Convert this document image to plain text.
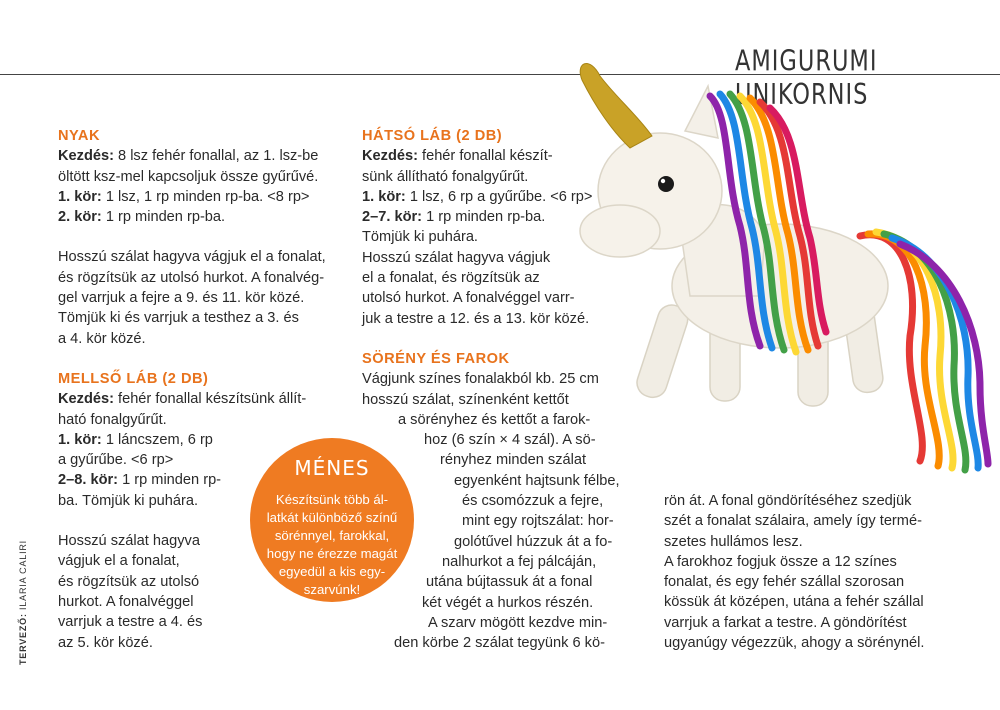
AMIGURUMI UNIKORNIS

NYAK

Kezdés: 8 lsz fehér fonallal, az 1. lsz-be

öltött ksz-mel kapcsoljuk össze gyűrűvé.

1. kör: 1 lsz, 1 rp minden rp-ba. <8 rp>

2. kör: 1 rp minden rp-ba.

Hosszú szálat hagyva vágjuk el a fonalat,

és rögzítsük az utolsó hurkot. A fonalvég-

gel varrjuk a fejre a 9. és 11. kör közé.

Tömjük ki és varrjuk a testhez a 3. és

a 4. kör közé.

MELLSŐ LÁB (2 DB)

Kezdés: fehér fonallal készítsünk állít-

ható fonalgyűrűt.

1. kör: 1 láncszem, 6 rp

a gyűrűbe. <6 rp>

2–8. kör: 1 rp minden rp-

ba. Tömjük ki puhára.

Hosszú szálat hagyva

vágjuk el a fonalat,

és rögzítsük az utolsó

hurkot. A fonalvéggel

varrjuk a testre a 4. és

az 5. kör közé.

HÁTSÓ LÁB (2 DB)

Kezdés: fehér fonallal készít-

sünk állítható fonalgyűrűt.

1. kör: 1 lsz, 6 rp a gyűrűbe. <6 rp>

2–7. kör: 1 rp minden rp-ba.

Tömjük ki puhára.

Hosszú szálat hagyva vágjuk

el a fonalat, és rögzítsük az

utolsó hurkot. A fonalvéggel varr-

juk a testre a 12. és a 13. kör közé.

SÖRÉNY ÉS FAROK

Vágjunk színes fonalakból kb. 25 cm

hosszú szálat, színenként kettőt

a sörényhez és kettőt a farok-

hoz (6 szín × 4 szál). A sö-

rényhez minden szálat

egyenként hajtsunk félbe,

és csomózzuk a fejre,

mint egy rojtszálat: hor-

golótűvel húzzuk át a fo-

nalhurkot a fej pálcáján,

utána bújtassuk át a fonal

két végét a hurkos részén.

A szarv mögött kezdve min-

den körbe 2 szálat tegyünk 6 kö-

rön át. A fonal göndörítéséhez szedjük

szét a fonalat szálaira, amely így termé-

szetes hullámos lesz.

A farokhoz fogjuk össze a 12 színes

fonalat, és egy fehér szállal szorosan

kössük át középen, utána a fehér szállal

varrjuk a farkat a testre. A göndörítést

ugyanúgy végezzük, ahogy a sörénynél.

MÉNES

Készítsünk több ál-

latkát különböző színű

sörénnyel, farokkal,

hogy ne érezze magát

egyedül a kis egy-

szarvúnk!

TERVEZŐ: ILARIA CALIRI
